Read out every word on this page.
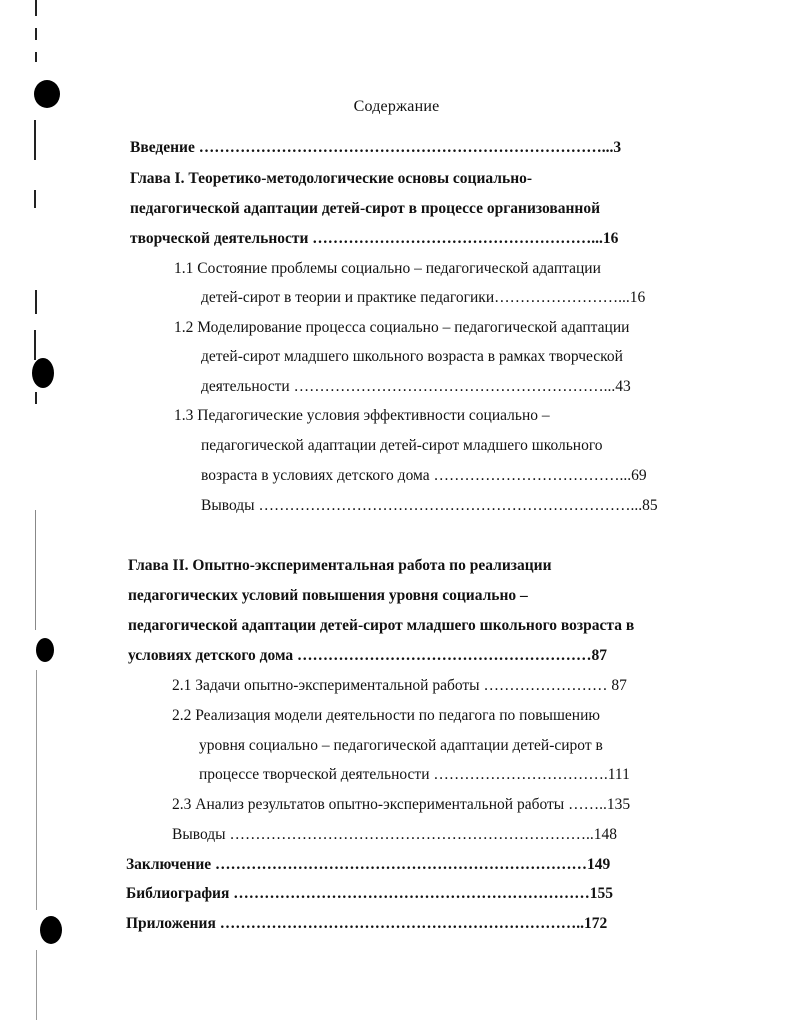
Содержание
Введение ……………………………………………………………………...3
Глава I. Теоретико-методологические основы социально-
педагогической адаптации детей-сирот в процессе организованной
творческой деятельности ………………………………………………...16
1.1 Состояние проблемы социально – педагогической адаптации
детей-сирот в теории и практике педагогики……………………...16
1.2 Моделирование процесса социально – педагогической адаптации
детей-сирот младшего школьного возраста в рамках творческой
деятельности ……………………………………………………...43
1.3 Педагогические условия эффективности социально –
педагогической адаптации детей-сирот младшего школьного
возраста в условиях детского дома ………………………………...69
Выводы ………………………………………………………………...85
Глава II. Опытно-экспериментальная работа по реализации
педагогических условий повышения уровня социально –
педагогической адаптации детей-сирот младшего школьного возраста в
условиях детского дома …………………………………………………87
2.1 Задачи опытно-экспериментальной работы …………………… 87
2.2 Реализация модели деятельности по педагога по повышению
уровня социально – педагогической адаптации детей-сирот в
процессе творческой деятельности …………………………….111
2.3 Анализ результатов опытно-экспериментальной работы ……..135
Выводы ……………………………………………………………..148
Заключение ………………………………………………………………149
Библиография ……………………………………………………………155
Приложения ……………………………………………………………..172
